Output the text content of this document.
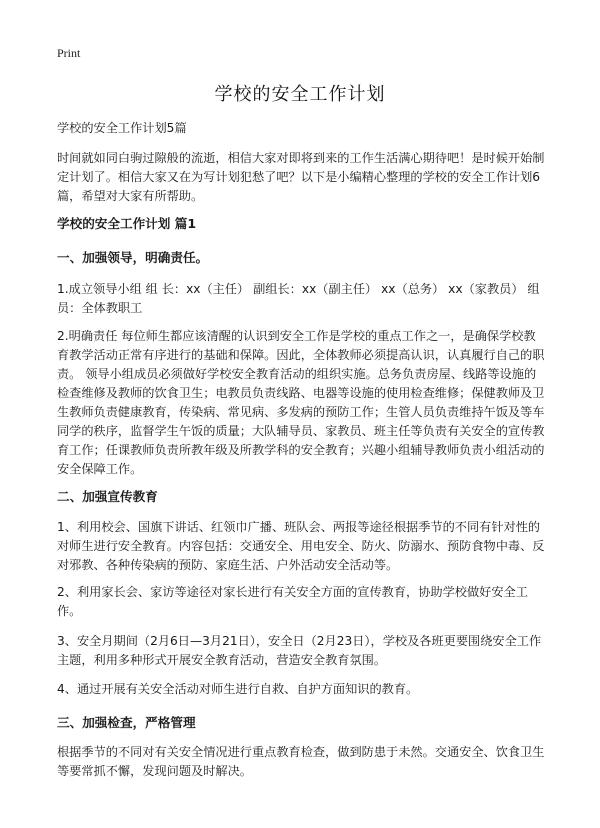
Print
学校的安全工作计划

学校的安全工作计划5篇

时间就如同白驹过隙般的流逝，相信大家对即将到来的工作生活满心期待吧！是时候开始制定计划了。相信大家又在为写计划犯愁了吧？以下是小编精心整理的学校的安全工作计划6篇，希望对大家有所帮助。

学校的安全工作计划 篇1

一、加强领导，明确责任。

1.成立领导小组 组 长：xx（主任） 副组长：xx（副主任） xx（总务） xx（家教员） 组 员：全体教职工

2.明确责任 每位师生都应该清醒的认识到安全工作是学校的重点工作之一，是确保学校教育教学活动正常有序进行的基础和保障。因此，全体教师必须提高认识，认真履行自己的职责。 领导小组成员必须做好学校安全教育活动的组织实施。总务负责房屋、线路等设施的检查维修及教师的饮食卫生；电教员负责线路、电器等设施的使用检查维修；保健教师及卫生教师负责健康教育，传染病、常见病、多发病的预防工作；生管人员负责维持午饭及等车同学的秩序，监督学生午饭的质量；大队辅导员、家教员、班主任等负责有关安全的宣传教育工作；任课教师负责所教年级及所教学科的安全教育；兴趣小组辅导教师负责小组活动的安全保障工作。

二、加强宣传教育

1、利用校会、国旗下讲话、红领巾广播、班队会、两报等途径根据季节的不同有针对性的对师生进行安全教育。内容包括：交通安全、用电安全、防火、防溺水、预防食物中毒、反对邪教、各种传染病的预防、家庭生活、户外活动安全活动等。

2、利用家长会、家访等途径对家长进行有关安全方面的宣传教育，协助学校做好安全工作。

3、安全月期间（2月6日—3月21日），安全日（2月23日），学校及各班更要围绕安全工作主题，利用多种形式开展安全教育活动，营造安全教育氛围。

4、通过开展有关安全活动对师生进行自救、自护方面知识的教育。

三、加强检查，严格管理

根据季节的不同对有关安全情况进行重点教育检查，做到防患于未然。交通安全、饮食卫生等要常抓不懈，发现问题及时解决。
